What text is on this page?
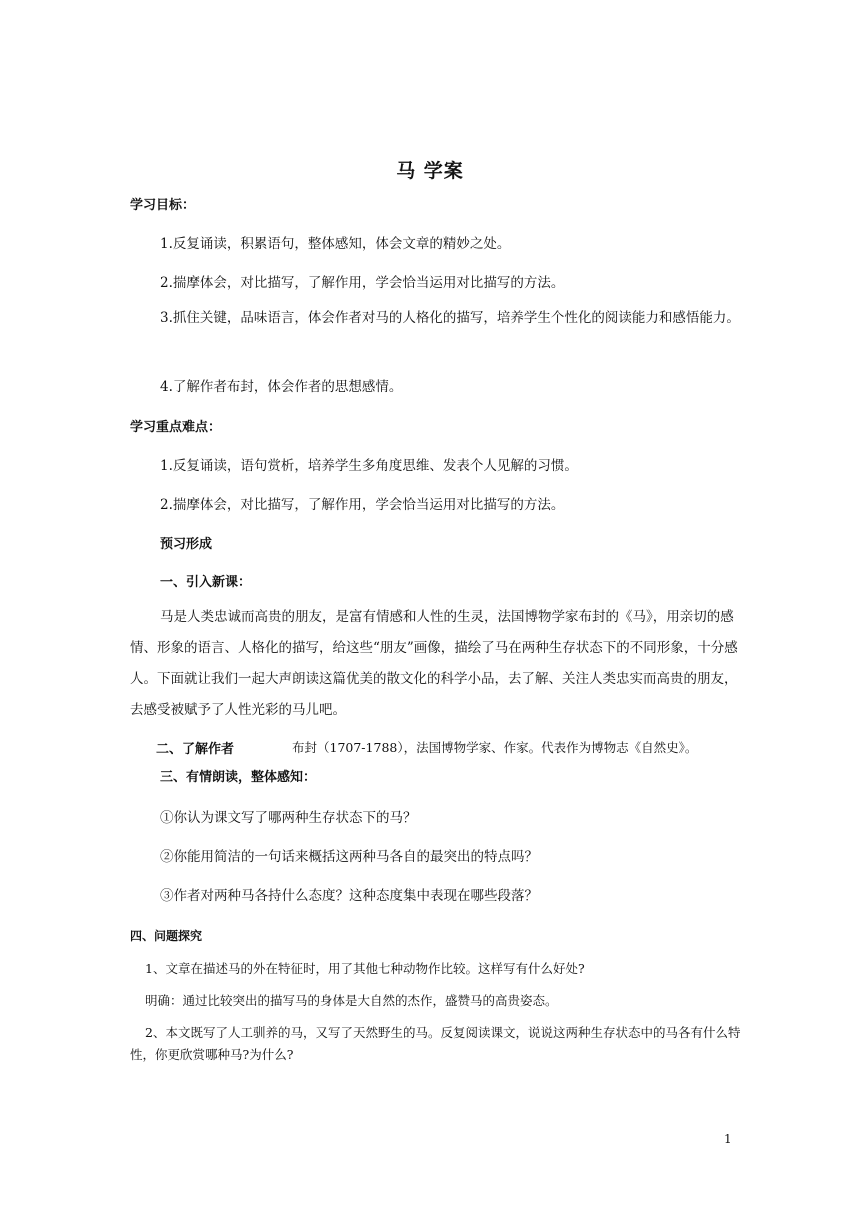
马 学案
学习目标：
1.反复诵读，积累语句，整体感知，体会文章的精妙之处。
2.揣摩体会，对比描写，了解作用，学会恰当运用对比描写的方法。
3.抓住关键，品味语言，体会作者对马的人格化的描写，培养学生个性化的阅读能力和感悟能力。
4.了解作者布封，体会作者的思想感情。
学习重点难点：
1.反复诵读，语句赏析，培养学生多角度思维、发表个人见解的习惯。
2.揣摩体会，对比描写，了解作用，学会恰当运用对比描写的方法。
预习形成
一、引入新课：
马是人类忠诚而高贵的朋友，是富有情感和人性的生灵，法国博物学家布封的《马》，用亲切的感情、形象的语言、人格化的描写，给这些“朋友”画像，描绘了马在两种生存状态下的不同形象，十分感人。下面就让我们一起大声朗读这篇优美的散文化的科学小品，去了解、关注人类忠实而高贵的朋友，去感受被赋予了人性光彩的马儿吧。
二、了解作者	布封（1707-1788），法国博物学家、作家。代表作为博物志《自然史》。
三、有情朗读，整体感知：
①你认为课文写了哪两种生存状态下的马？
②你能用简洁的一句话来概括这两种马各自的最突出的特点吗？
③作者对两种马各持什么态度？这种态度集中表现在哪些段落？
四、问题探究
1、文章在描述马的外在特征时，用了其他七种动物作比较。这样写有什么好处?
明确：通过比较突出的描写马的身体是大自然的杰作，盛赞马的高贵姿态。
2、本文既写了人工驯养的马，又写了天然野生的马。反复阅读课文，说说这两种生存状态中的马各有什么特性，你更欣赏哪种马?为什么?
1
